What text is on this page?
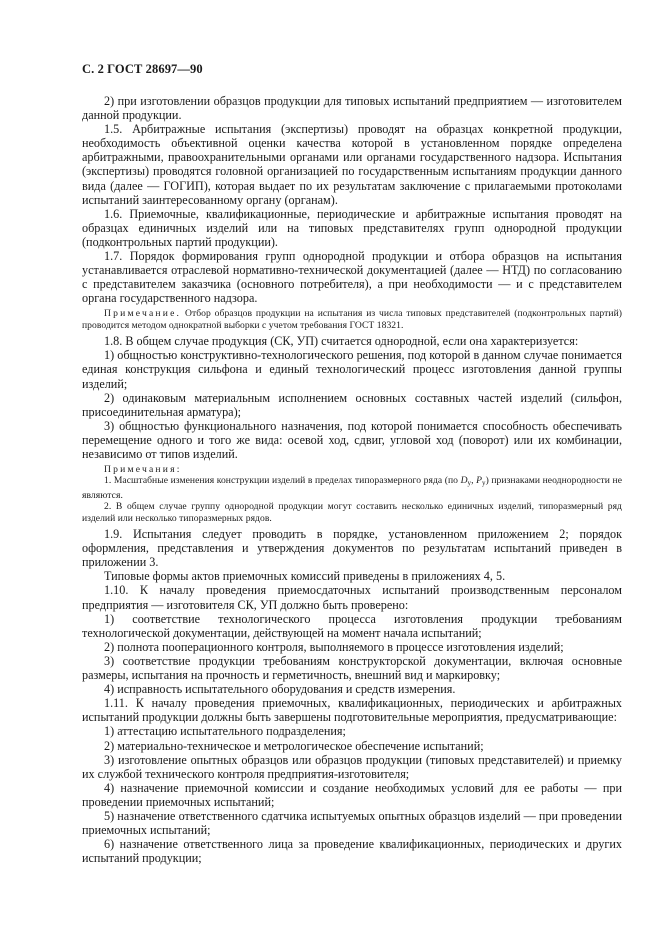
С. 2 ГОСТ 28697—90

2) при изготовлении образцов продукции для типовых испытаний предприятием — изготовителем данной продукции.

1.5. Арбитражные испытания (экспертизы) проводят на образцах конкретной продукции, необходимость объективной оценки качества которой в установленном порядке определена арбитражными, правоохранительными органами или органами государственного надзора. Испытания (экспертизы) проводятся головной организацией по государственным испытаниям продукции данного вида (далее — ГОГИП), которая выдает по их результатам заключение с прилагаемыми протоколами испытаний заинтересованному органу (органам).

1.6. Приемочные, квалификационные, периодические и арбитражные испытания проводят на образцах единичных изделий или на типовых представителях групп однородной продукции (подконтрольных партий продукции).

1.7. Порядок формирования групп однородной продукции и отбора образцов на испытания устанавливается отраслевой нормативно-технической документацией (далее — НТД) по согласованию с представителем заказчика (основного потребителя), а при необходимости — и с представителем органа государственного надзора.

Примечание. Отбор образцов продукции на испытания из числа типовых представителей (подконтрольных партий) проводится методом однократной выборки с учетом требования ГОСТ 18321.

1.8. В общем случае продукция (СК, УП) считается однородной, если она характеризуется:

1) общностью конструктивно-технологического решения, под которой в данном случае понимается единая конструкция сильфона и единый технологический процесс изготовления данной группы изделий;

2) одинаковым материальным исполнением основных составных частей изделий (сильфон, присоединительная арматура);

3) общностью функционального назначения, под которой понимается способность обеспечивать перемещение одного и того же вида: осевой ход, сдвиг, угловой ход (поворот) или их комбинации, независимо от типов изделий.

Примечания:

1. Масштабные изменения конструкции изделий в пределах типоразмерного ряда (по $D_у$, $P_у$) признаками неоднородности не являются.

2. В общем случае группу однородной продукции могут составить несколько единичных изделий, типоразмерный ряд изделий или несколько типоразмерных рядов.

1.9. Испытания следует проводить в порядке, установленном приложением 2; порядок оформления, представления и утверждения документов по результатам испытаний приведен в приложении 3.

Типовые формы актов приемочных комиссий приведены в приложениях 4, 5.

1.10. К началу проведения приемосдаточных испытаний производственным персоналом предприятия — изготовителя СК, УП должно быть проверено:

1) соответствие технологического процесса изготовления продукции требованиям технологической документации, действующей на момент начала испытаний;

2) полнота пооперационного контроля, выполняемого в процессе изготовления изделий;

3) соответствие продукции требованиям конструкторской документации, включая основные размеры, испытания на прочность и герметичность, внешний вид и маркировку;

4) исправность испытательного оборудования и средств измерения.

1.11. К началу проведения приемочных, квалификационных, периодических и арбитражных испытаний продукции должны быть завершены подготовительные мероприятия, предусматривающие:

1) аттестацию испытательного подразделения;

2) материально-техническое и метрологическое обеспечение испытаний;

3) изготовление опытных образцов или образцов продукции (типовых представителей) и приемку их службой технического контроля предприятия-изготовителя;

4) назначение приемочной комиссии и создание необходимых условий для ее работы — при проведении приемочных испытаний;

5) назначение ответственного сдатчика испытуемых опытных образцов изделий — при проведении приемочных испытаний;

6) назначение ответственного лица за проведение квалификационных, периодических и других испытаний продукции;
